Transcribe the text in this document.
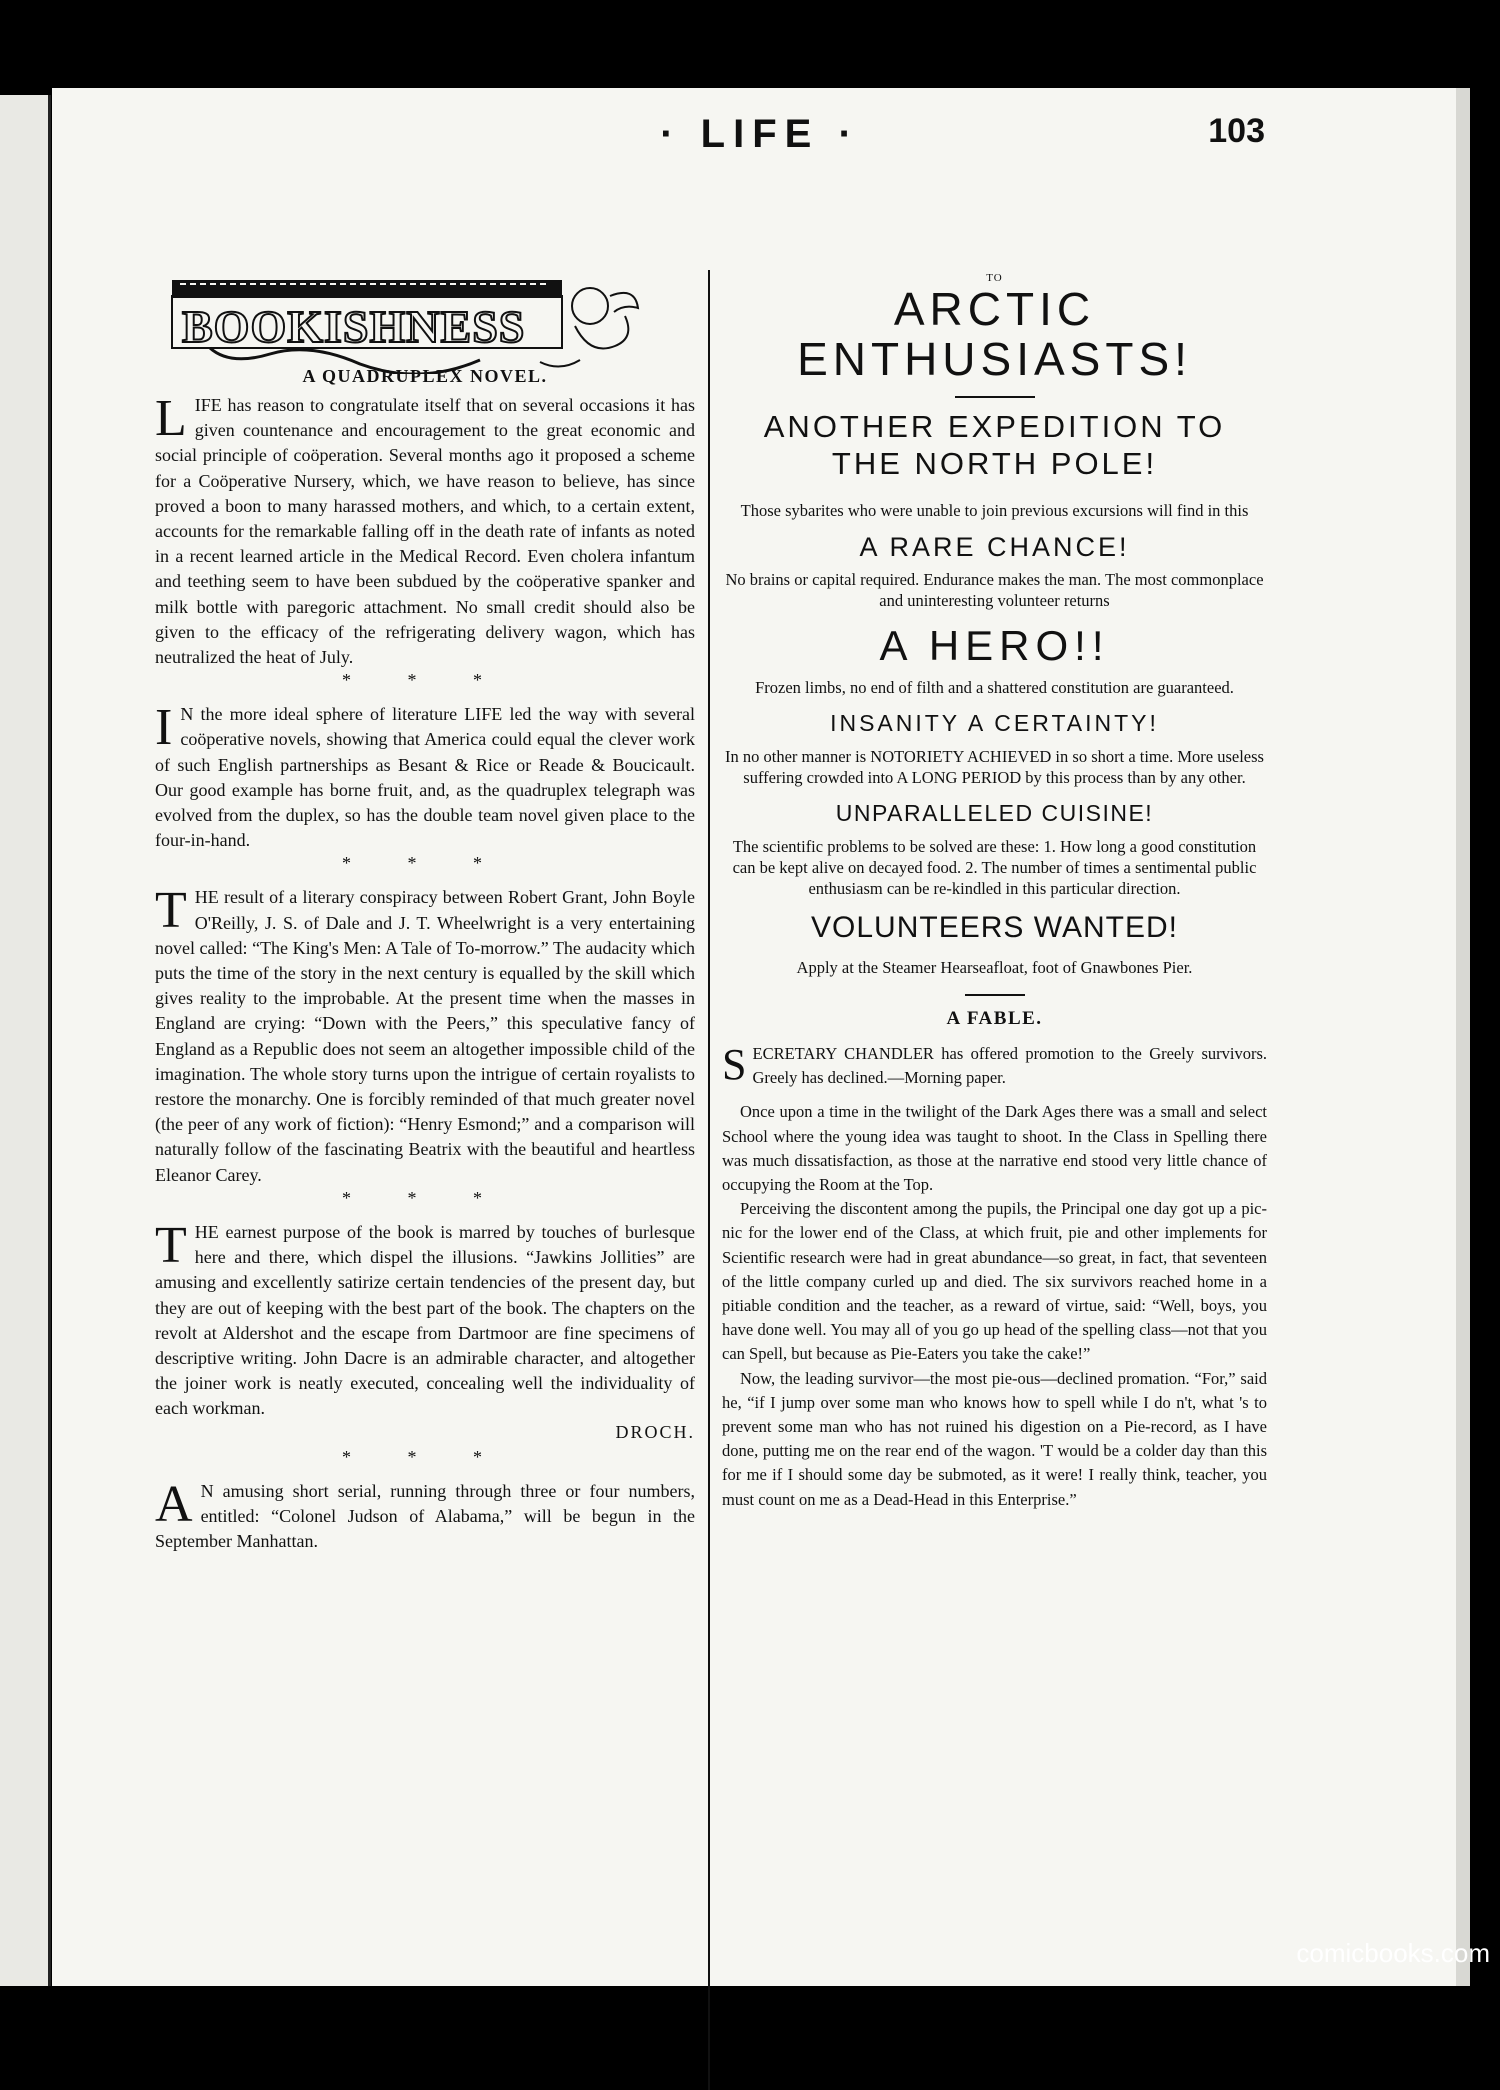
· LIFE ·	103
BOOKISHNESS
A QUADRUPLEX NOVEL.

L IFE has reason to congratulate itself that on several occasions it has given countenance and encouragement to the great economic and social principle of coöperation. Several months ago it proposed a scheme for a Coöperative Nursery, which, we have reason to believe, has since proved a boon to many harassed mothers, and which, to a certain extent, accounts for the remarkable falling off in the death rate of infants as noted in a recent learned article in the Medical Record. Even cholera infantum and teething seem to have been subdued by the coöperative spanker and milk bottle with paregoric attachment. No small credit should also be given to the efficacy of the refrigerating delivery wagon, which has neutralized the heat of July.

* * *

I N the more ideal sphere of literature LIFE led the way with several coöperative novels, showing that America could equal the clever work of such English partnerships as Besant & Rice or Reade & Boucicault. Our good example has borne fruit, and, as the quadruplex telegraph was evolved from the duplex, so has the double team novel given place to the four-in-hand.

* * *

T HE result of a literary conspiracy between Robert Grant, John Boyle O'Reilly, J. S. of Dale and J. T. Wheelwright is a very entertaining novel called: “The King's Men: A Tale of To-morrow.” The audacity which puts the time of the story in the next century is equalled by the skill which gives reality to the improbable. At the present time when the masses in England are crying: “Down with the Peers,” this speculative fancy of England as a Republic does not seem an altogether impossible child of the imagination. The whole story turns upon the intrigue of certain royalists to restore the monarchy. One is forcibly reminded of that much greater novel (the peer of any work of fiction): “Henry Esmond;” and a comparison will naturally follow of the fascinating Beatrix with the beautiful and heartless Eleanor Carey.

* * *

T HE earnest purpose of the book is marred by touches of burlesque here and there, which dispel the illusions. “Jawkins Jollities” are amusing and excellently satirize certain tendencies of the present day, but they are out of keeping with the best part of the book. The chapters on the revolt at Aldershot and the escape from Dartmoor are fine specimens of descriptive writing. John Dacre is an admirable character, and altogether the joiner work is neatly executed, concealing well the individuality of each workman.

DROCH.
* * *

A N amusing short serial, running through three or four numbers, entitled: “Colonel Judson of Alabama,” will be begun in the September Manhattan.

TO
ARCTIC
ENTHUSIASTS!
ANOTHER EXPEDITION TO
THE NORTH POLE!
Those sybarites who were unable to join previous excursions will find in this
A RARE CHANCE!
No brains or capital required. Endurance makes the man. The most commonplace and uninteresting volunteer returns
A HERO!!
Frozen limbs, no end of filth and a shattered constitution are guaranteed.
INSANITY A CERTAINTY!
In no other manner is NOTORIETY ACHIEVED in so short a time. More useless suffering crowded into A LONG PERIOD by this process than by any other.
UNPARALLELED CUISINE!
The scientific problems to be solved are these: 1. How long a good constitution can be kept alive on decayed food. 2. The number of times a sentimental public enthusiasm can be re-kindled in this particular direction.
VOLUNTEERS WANTED!
Apply at the Steamer Hearseafloat, foot of Gnawbones Pier.
A FABLE.

S ECRETARY CHANDLER has offered promotion to the Greely survivors. Greely has declined.—Morning paper.

Once upon a time in the twilight of the Dark Ages there was a small and select School where the young idea was taught to shoot. In the Class in Spelling there was much dissatisfaction, as those at the narrative end stood very little chance of occupying the Room at the Top.

Perceiving the discontent among the pupils, the Principal one day got up a pic-nic for the lower end of the Class, at which fruit, pie and other implements for Scientific research were had in great abundance—so great, in fact, that seventeen of the little company curled up and died. The six survivors reached home in a pitiable condition and the teacher, as a reward of virtue, said: “Well, boys, you have done well. You may all of you go up head of the spelling class—not that you can Spell, but because as Pie-Eaters you take the cake!”

Now, the leading survivor—the most pie-ous—declined promation. “For,” said he, “if I jump over some man who knows how to spell while I do n't, what 's to prevent some man who has not ruined his digestion on a Pie-record, as I have done, putting me on the rear end of the wagon. 'T would be a colder day than this for me if I should some day be submoted, as it were! I really think, teacher, you must count on me as a Dead-Head in this Enterprise.”

comicbooks.com
